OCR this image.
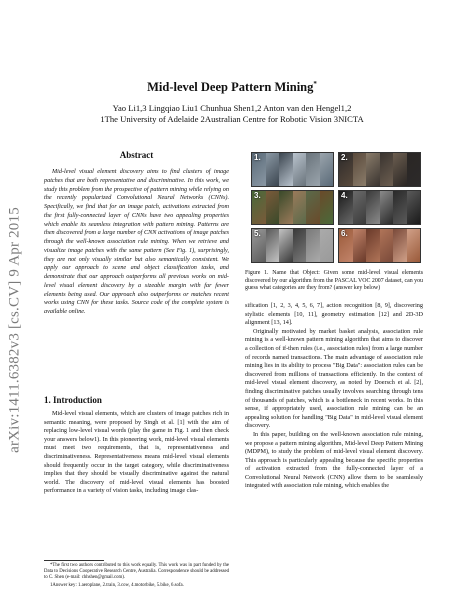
arXiv:1411.6382v3 [cs.CV] 9 Apr 2015
Mid-level Deep Pattern Mining*
Yao Li1,3 Lingqiao Liu1 Chunhua Shen1,2 Anton van den Hengel1,2
1The University of Adelaide 2Australian Centre for Robotic Vision 3NICTA
Abstract

Mid-level visual element discovery aims to find clusters of image patches that are both representative and discriminative. In this work, we study this problem from the prospective of pattern mining while relying on the recently popularized Convolutional Neural Networks (CNNs). Specifically, we find that for an image patch, activations extracted from the first fully-connected layer of CNNs have two appealing properties which enable its seamless integration with pattern mining. Patterns are then discovered from a large number of CNN activations of image patches through the well-known association rule mining. When we retrieve and visualize image patches with the same pattern (See Fig. 1), surprisingly, they are not only visually similar but also semantically consistent. We apply our approach to scene and object classification tasks, and demonstrate that our approach outperforms all previous works on mid-level visual element discovery by a sizeable margin with far fewer elements being used. Our approach also outperforms or matches recent works using CNN for these tasks. Source code of the complete system is available online.

1. Introduction

Mid-level visual elements, which are clusters of image patches rich in semantic meaning, were proposed by Singh et al. [1] with the aim of replacing low-level visual words (play the game in Fig. 1 and then check your answers below1). In this pioneering work, mid-level visual elements must meet two requirements, that is, representativeness and discriminativeness. Representativeness means mid-level visual elements should frequently occur in the target category, while discriminativeness implies that they should be visually discriminative against the natural world. The discovery of mid-level visual elements has boosted performance in a variety of vision tasks, including image clas-

*The first two authors contributed to this work equally. This work was in part funded by the Data to Decisions Cooperative Research Centre, Australia. Correspondence should be addressed to C. Shen (e-mail: chhshen@gmail.com).

1Answer key: 1.aeroplane, 2.train, 3.cow, 4.motorbike, 5.bike, 6.sofa.

1.	2.
3.	4.
5.	6.
Figure 1. Name that Object: Given some mid-level visual elements discovered by our algorithm from the PASCAL VOC 2007 dataset, can you guess what categories are they from? (answer key below)

sification [1, 2, 3, 4, 5, 6, 7], action recognition [8, 9], discovering stylistic elements [10, 11], geometry estimation [12] and 2D-3D alignment [13, 14].

Originally motivated by market basket analysis, association rule mining is a well-known pattern mining algorithm that aims to discover a collection of if-then rules (i.e., association rules) from a large number of records named transactions. The main advantage of association rule mining lies in its ability to process "Big Data": association rules can be discovered from millions of transactions efficiently. In the context of mid-level visual element discovery, as noted by Doersch et al. [2], finding discriminative patches usually involves searching through tens of thousands of patches, which is a bottleneck in recent works. In this sense, if appropriately used, association rule mining can be an appealing solution for handling "Big Data" in mid-level visual element discovery.

In this paper, building on the well-known association rule mining, we propose a pattern mining algorithm, Mid-level Deep Pattern Mining (MDPM), to study the problem of mid-level visual element discovery. This approach is particularly appealing because the specific properties of activation extracted from the fully-connected layer of a Convolutional Neural Network (CNN) allow them to be seamlessly integrated with association rule mining, which enables the
